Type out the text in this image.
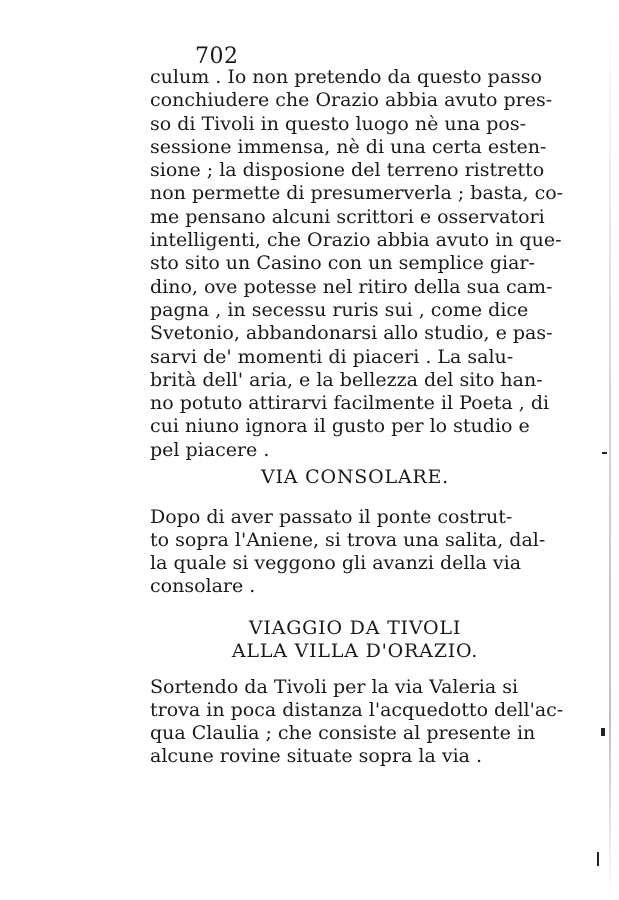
702
culum . Io non pretendo da questo passo
conchiudere che Orazio abbia avuto pres-
so di Tivoli in questo luogo nè una pos-
sessione immensa, nè di una certa esten-
sione ; la disposione del terreno ristretto
non permette di presumerverla ; basta, co-
me pensano alcuni scrittori e osservatori
intelligenti, che Orazio abbia avuto in que-
sto sito un Casino con un semplice giar-
dino, ove potesse nel ritiro della sua cam-
pagna , in secessu ruris sui , come dice
Svetonio, abbandonarsi allo studio, e pas-
sarvi de' momenti di piaceri . La salu-
brità dell' aria, e la bellezza del sito han-
no potuto attirarvi facilmente il Poeta , di
cui niuno ignora il gusto per lo studio e
pel piacere .
VIA CONSOLARE.
Dopo di aver passato il ponte costrut-
to sopra l'Aniene, si trova una salita, dal-
la quale si veggono gli avanzi della via
consolare .
VIAGGIO DA TIVOLI
ALLA VILLA D'ORAZIO.
Sortendo da Tivoli per la via Valeria si
trova in poca distanza l'acquedotto dell'ac-
qua Claulia ; che consiste al presente in
alcune rovine situate sopra la via .
